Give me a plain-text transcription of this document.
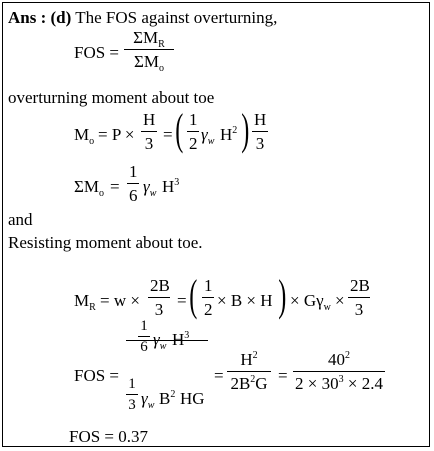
Ans : (d) The FOS against overturning,
FOS =
$\Sigma M_R$
$\Sigma M_o$
overturning moment about toe
$M_o = P$ ×
H
3 = ( 1
2 $\gamma_w$ $H^2$ ) H
3
$\Sigma M_o$ =
1
6 $\gamma_w$ $H^3$
and
Resisting moment about toe.
$M_R = w$ ×
2B
3 = ( 1
2 × B × H ) × $G\gamma_w$ ×
2B
3
FOS =
1
6 $\gamma_w$ $H^3$
1
3 $\gamma_w$ $B^2$ HG
=
$H^2$
$2B^2G$ =
$40^2$
$2 \times 30^3 \times 2.4$
FOS = 0.37
